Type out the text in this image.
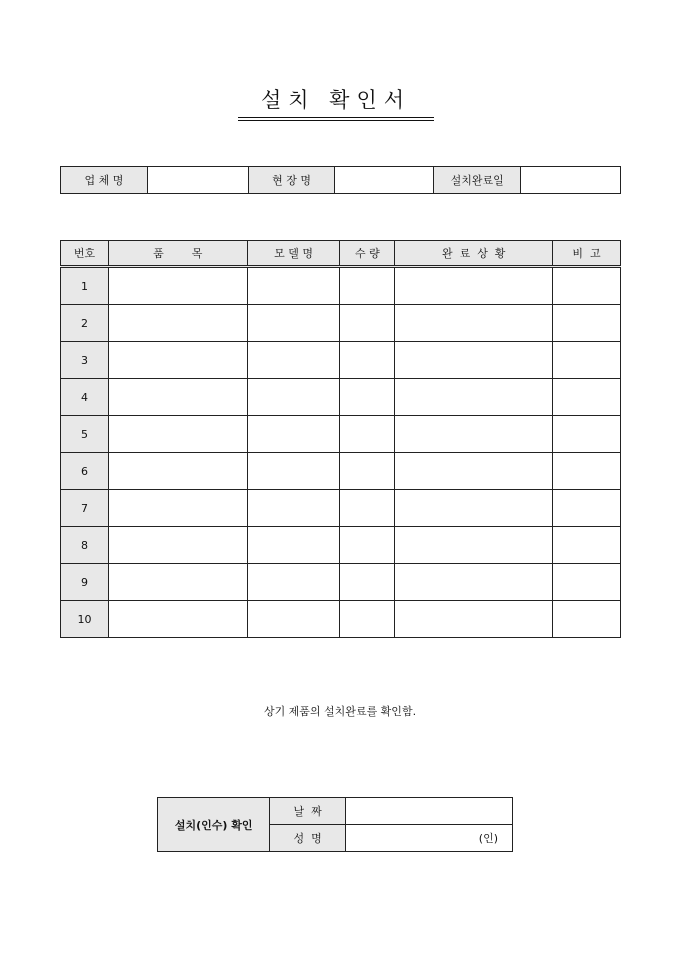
설치 확인서
업 체 명		현 장 명		설치완료일	
번호	품        목	모 델 명	수 량	완  료  상  황	비  고
1					
2					
3					
4					
5					
6					
7					
8					
9					
10					
상기 제품의 설치완료를 확인함.
설치(인수) 확인	날  짜	
	성  명	(인)
